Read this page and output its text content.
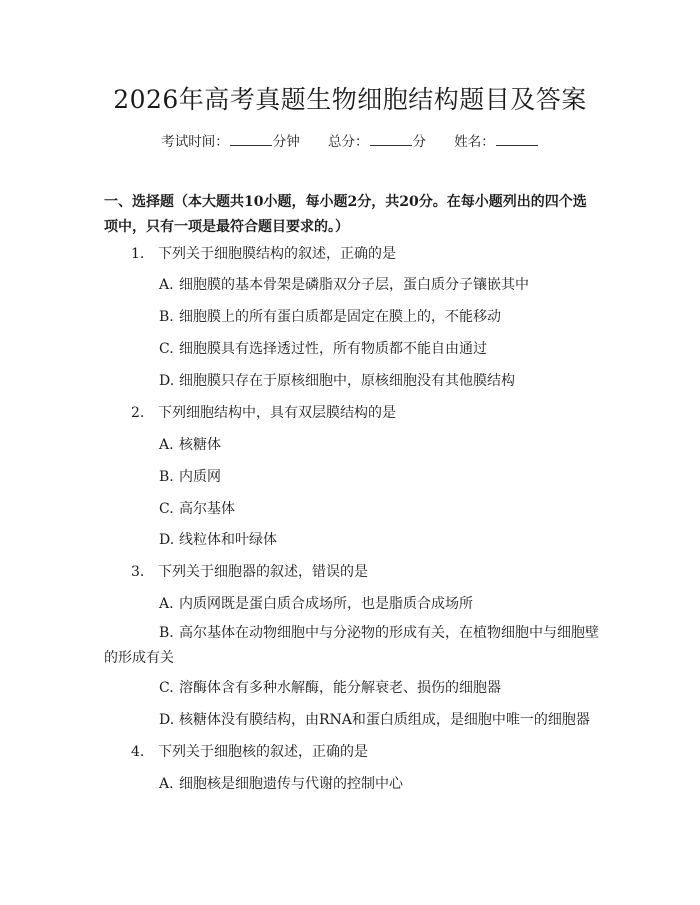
2026年高考真题生物细胞结构题目及答案
考试时间：	分钟 总分：	分 姓名：
一、选择题（本大题共10小题，每小题2分，共20分。在每小题列出的四个选项中，只有一项是最符合题目要求的。）
1. 下列关于细胞膜结构的叙述，正确的是
A. 细胞膜的基本骨架是磷脂双分子层，蛋白质分子镶嵌其中
B. 细胞膜上的所有蛋白质都是固定在膜上的，不能移动
C. 细胞膜具有选择透过性，所有物质都不能自由通过
D. 细胞膜只存在于原核细胞中，原核细胞没有其他膜结构
2. 下列细胞结构中，具有双层膜结构的是
A. 核糖体
B. 内质网
C. 高尔基体
D. 线粒体和叶绿体
3. 下列关于细胞器的叙述，错误的是
A. 内质网既是蛋白质合成场所，也是脂质合成场所
B. 高尔基体在动物细胞中与分泌物的形成有关，在植物细胞中与细胞壁的形成有关
C. 溶酶体含有多种水解酶，能分解衰老、损伤的细胞器
D. 核糖体没有膜结构，由RNA和蛋白质组成，是细胞中唯一的细胞器
4. 下列关于细胞核的叙述，正确的是
A. 细胞核是细胞遗传与代谢的控制中心
